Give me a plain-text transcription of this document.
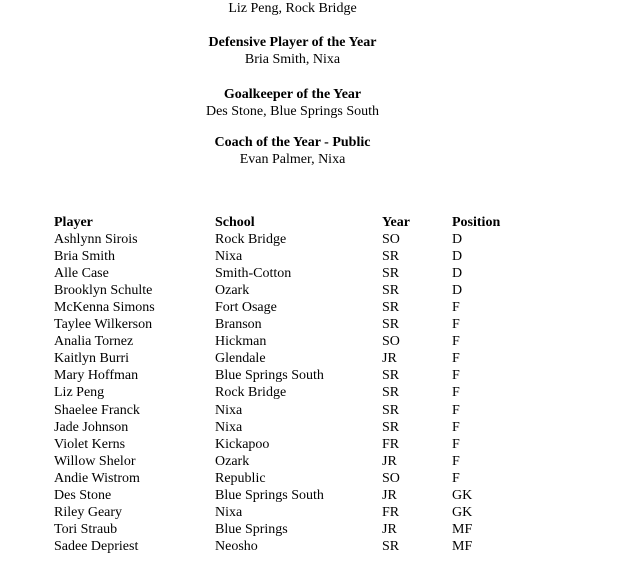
Liz Peng, Rock Bridge
Defensive Player of the Year
Bria Smith, Nixa
Goalkeeper of the Year
Des Stone, Blue Springs South
Coach of the Year - Public
Evan Palmer, Nixa
Player	School	Year	Position
Ashlynn Sirois	Rock Bridge	SO	D
Bria Smith	Nixa	SR	D
Alle Case	Smith-Cotton	SR	D
Brooklyn Schulte	Ozark	SR	D
McKenna Simons	Fort Osage	SR	F
Taylee Wilkerson	Branson	SR	F
Analia Tornez	Hickman	SO	F
Kaitlyn Burri	Glendale	JR	F
Mary Hoffman	Blue Springs South	SR	F
Liz Peng	Rock Bridge	SR	F
Shaelee Franck	Nixa	SR	F
Jade Johnson	Nixa	SR	F
Violet Kerns	Kickapoo	FR	F
Willow Shelor	Ozark	JR	F
Andie Wistrom	Republic	SO	F
Des Stone	Blue Springs South	JR	GK
Riley Geary	Nixa	FR	GK
Tori Straub	Blue Springs	JR	MF
Sadee Depriest	Neosho	SR	MF
